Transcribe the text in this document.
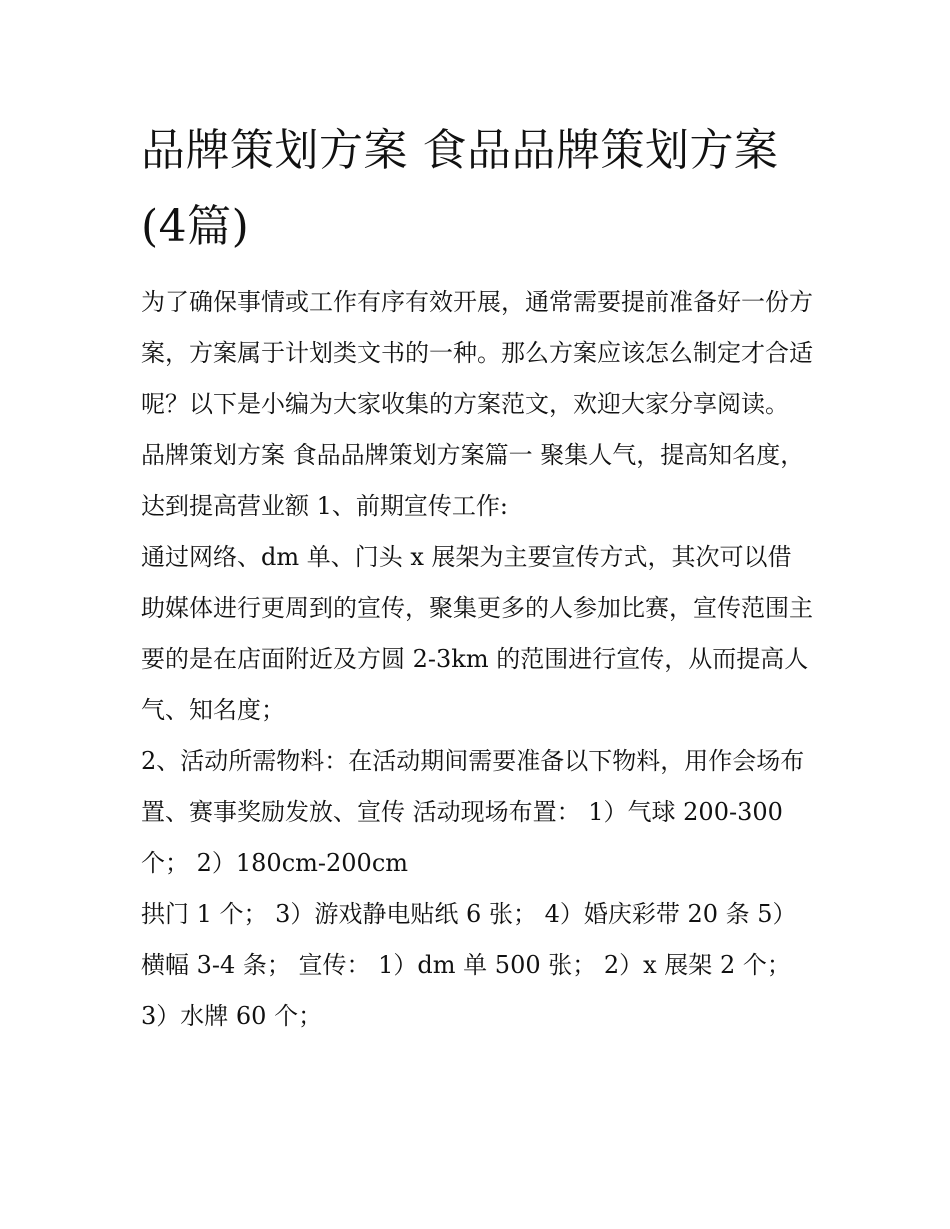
品牌策划方案 食品品牌策划方案(4篇)

为了确保事情或工作有序有效开展，通常需要提前准备好一份方案，方案属于计划类文书的一种。那么方案应该怎么制定才合适呢？以下是小编为大家收集的方案范文，欢迎大家分享阅读。

品牌策划方案 食品品牌策划方案篇一 聚集人气，提高知名度，达到提高营业额 1、前期宣传工作:

通过网络、dm 单、门头 x 展架为主要宣传方式，其次可以借助媒体进行更周到的宣传，聚集更多的人参加比赛，宣传范围主要的是在店面附近及方圆 2-3km 的范围进行宣传，从而提高人气、知名度；

2、活动所需物料：在活动期间需要准备以下物料，用作会场布置、赛事奖励发放、宣传 活动现场布置： 1）气球 200-300 个； 2）180cm-200cm

拱门 1 个； 3）游戏静电贴纸 6 张； 4）婚庆彩带 20 条 5）横幅 3-4 条； 宣传： 1）dm 单 500 张； 2）x 展架 2 个； 3）水牌 60 个；
